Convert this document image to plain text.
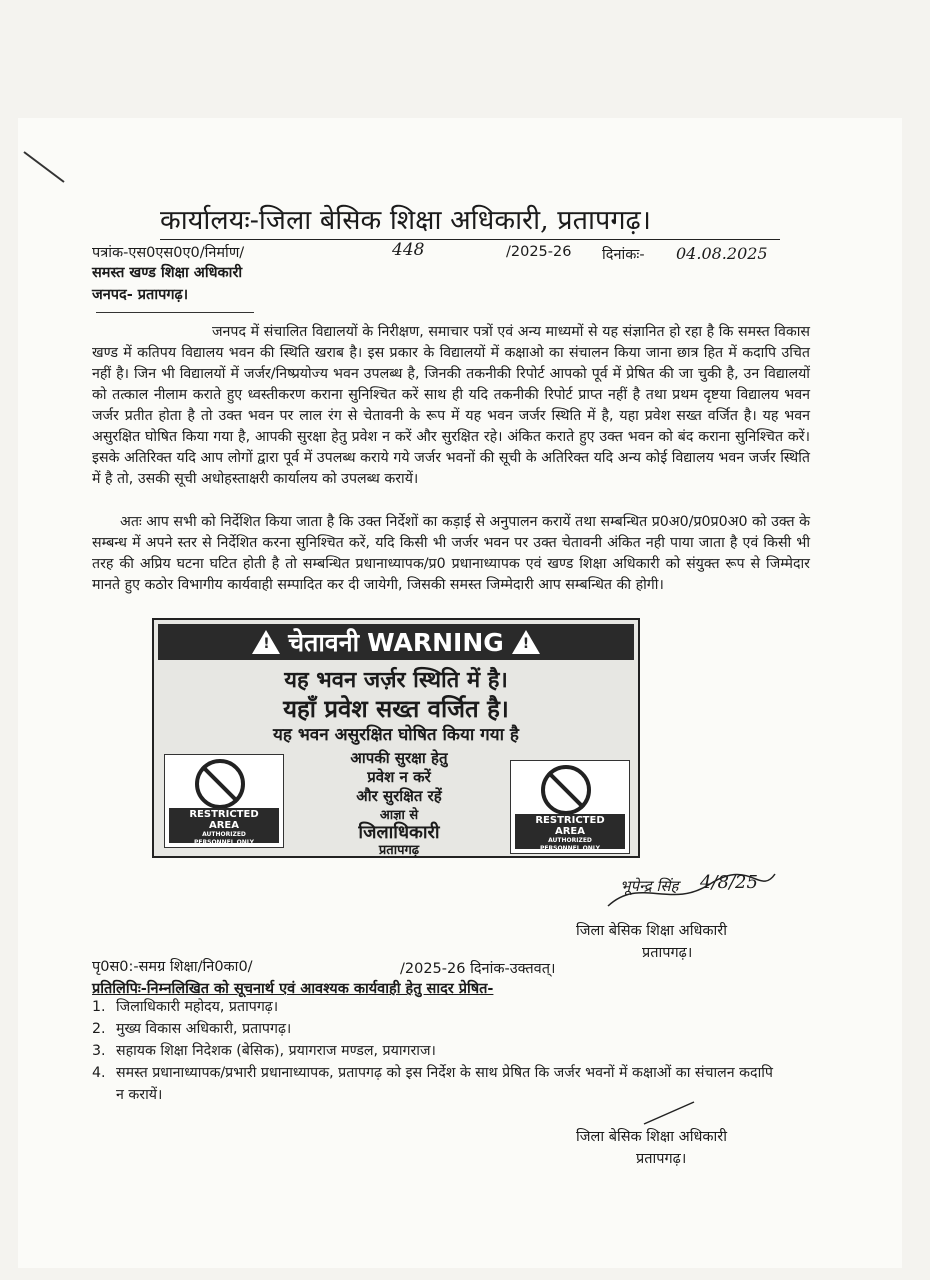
कार्यालयः-जिला बेसिक शिक्षा अधिकारी, प्रतापगढ़।
पत्रांक-एस0एस0ए0/निर्माण/	448	/2025-26 दिनांकः- 04.08.2025
समस्त खण्ड शिक्षा अधिकारी
जनपद- प्रतापगढ़।
जनपद में संचालित विद्यालयों के निरीक्षण, समाचार पत्रों एवं अन्य माध्यमों से यह संज्ञानित हो रहा है कि समस्त विकास खण्ड में कतिपय विद्यालय भवन की स्थिति खराब है। इस प्रकार के विद्यालयों में कक्षाओ का संचालन किया जाना छात्र हित में कदापि उचित नहीं है। जिन भी विद्यालयों में जर्जर/निष्प्रयोज्य भवन उपलब्ध है, जिनकी तकनीकी रिपोर्ट आपको पूर्व में प्रेषित की जा चुकी है, उन विद्यालयों को तत्काल नीलाम कराते हुए ध्वस्तीकरण कराना सुनिश्चित करें साथ ही यदि तकनीकी रिपोर्ट प्राप्त नहीं है तथा प्रथम दृष्टया विद्यालय भवन जर्जर प्रतीत होता है तो उक्त भवन पर लाल रंग से चेतावनी के रूप में यह भवन जर्जर स्थिति में है, यहा प्रवेश सख्त वर्जित है। यह भवन असुरक्षित घोषित किया गया है, आपकी सुरक्षा हेतु प्रवेश न करें और सुरक्षित रहे। अंकित कराते हुए उक्त भवन को बंद कराना सुनिश्चित करें। इसके अतिरिक्त यदि आप लोगों द्वारा पूर्व में उपलब्ध कराये गये जर्जर भवनों की सूची के अतिरिक्त यदि अन्य कोई विद्यालय भवन जर्जर स्थिति में है तो, उसकी सूची अधोहस्ताक्षरी कार्यालय को उपलब्ध करायें।
अतः आप सभी को निर्देशित किया जाता है कि उक्त निर्देशों का कड़ाई से अनुपालन करायें तथा सम्बन्धित प्र0अ0/प्र0प्र0अ0 को उक्त के सम्बन्ध में अपने स्तर से निर्देशित करना सुनिश्चित करें, यदि किसी भी जर्जर भवन पर उक्त चेतावनी अंकित नही पाया जाता है एवं किसी भी तरह की अप्रिय घटना घटित होती है तो सम्बन्धित प्रधानाध्यापक/प्र0 प्रधानाध्यापक एवं खण्ड शिक्षा अधिकारी को संयुक्त रूप से जिम्मेदार मानते हुए कठोर विभागीय कार्यवाही सम्पादित कर दी जायेगी, जिसकी समस्त जिम्मेदारी आप सम्बन्धित की होगी।
! चेतावनी WARNING !
यह भवन जर्ज़र स्थिति में है।
यहाँ प्रवेश सख्त वर्जित है।
यह भवन असुरक्षित घोषित किया गया है
RESTRICTED
AREA
AUTHORIZED
PERSONNEL ONLY
आपकी सुरक्षा हेतु
प्रवेश न करें
और सुरक्षित रहें
आज्ञा से
जिलाधिकारी
प्रतापगढ़
RESTRICTED
AREA
AUTHORIZED
PERSONNEL ONLY
भूपेन्द्र सिंह 4/8/25
जिला बेसिक शिक्षा अधिकारी
प्रतापगढ़।
पृ0स0:-समग्र शिक्षा/नि0का0/	/2025-26 दिनांक-उक्तवत्।
प्रतिलिपिः-निम्नलिखित को सूचनार्थ एवं आवश्यक कार्यवाही हेतु सादर प्रेषित-
1. जिलाधिकारी महोदय, प्रतापगढ़।
2. मुख्य विकास अधिकारी, प्रतापगढ़।
3. सहायक शिक्षा निदेशक (बेसिक), प्रयागराज मण्डल, प्रयागराज।
4. समस्त प्रधानाध्यापक/प्रभारी प्रधानाध्यापक, प्रतापगढ़ को इस निर्देश के साथ प्रेषित कि जर्जर भवनों में कक्षाओं का संचालन कदापि न करायें।
जिला बेसिक शिक्षा अधिकारी
प्रतापगढ़।
